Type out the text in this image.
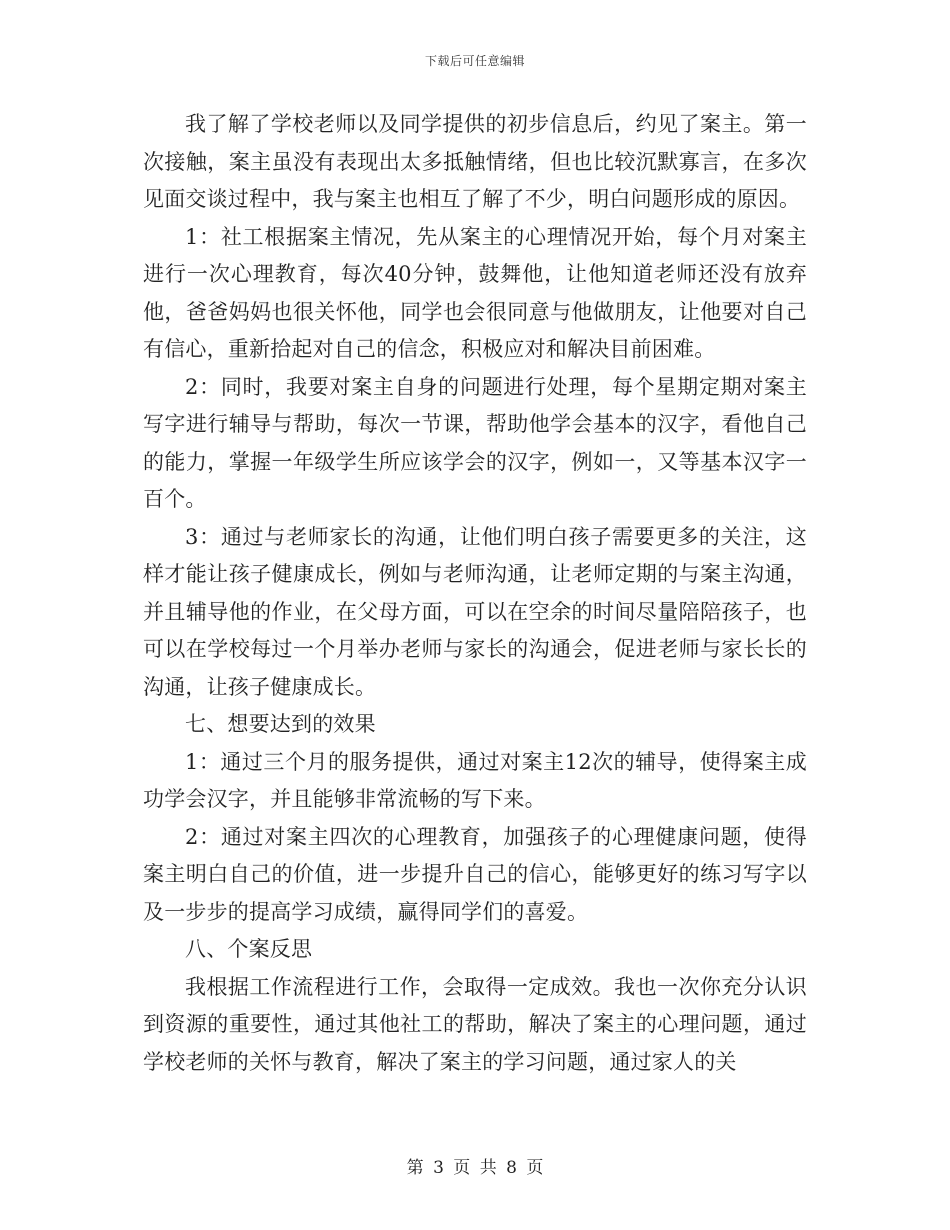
下载后可任意编辑

我了解了学校老师以及同学提供的初步信息后，约见了案主。第一次接触，案主虽没有表现出太多抵触情绪，但也比较沉默寡言，在多次见面交谈过程中，我与案主也相互了解了不少，明白问题形成的原因。

1：社工根据案主情况，先从案主的心理情况开始，每个月对案主进行一次心理教育，每次40分钟，鼓舞他，让他知道老师还没有放弃他，爸爸妈妈也很关怀他，同学也会很同意与他做朋友，让他要对自己有信心，重新拾起对自己的信念，积极应对和解决目前困难。

2：同时，我要对案主自身的问题进行处理，每个星期定期对案主写字进行辅导与帮助，每次一节课，帮助他学会基本的汉字，看他自己的能力，掌握一年级学生所应该学会的汉字，例如一，又等基本汉字一百个。

3：通过与老师家长的沟通，让他们明白孩子需要更多的关注，这样才能让孩子健康成长，例如与老师沟通，让老师定期的与案主沟通，并且辅导他的作业，在父母方面，可以在空余的时间尽量陪陪孩子，也可以在学校每过一个月举办老师与家长的沟通会，促进老师与家长长的沟通，让孩子健康成长。

七、想要达到的效果

1：通过三个月的服务提供，通过对案主12次的辅导，使得案主成功学会汉字，并且能够非常流畅的写下来。

2：通过对案主四次的心理教育，加强孩子的心理健康问题，使得案主明白自己的价值，进一步提升自己的信心，能够更好的练习写字以及一步步的提高学习成绩，赢得同学们的喜爱。

八、个案反思

我根据工作流程进行工作，会取得一定成效。我也一次你充分认识到资源的重要性，通过其他社工的帮助，解决了案主的心理问题，通过学校老师的关怀与教育，解决了案主的学习问题，通过家人的关

第 3 页 共 8 页
